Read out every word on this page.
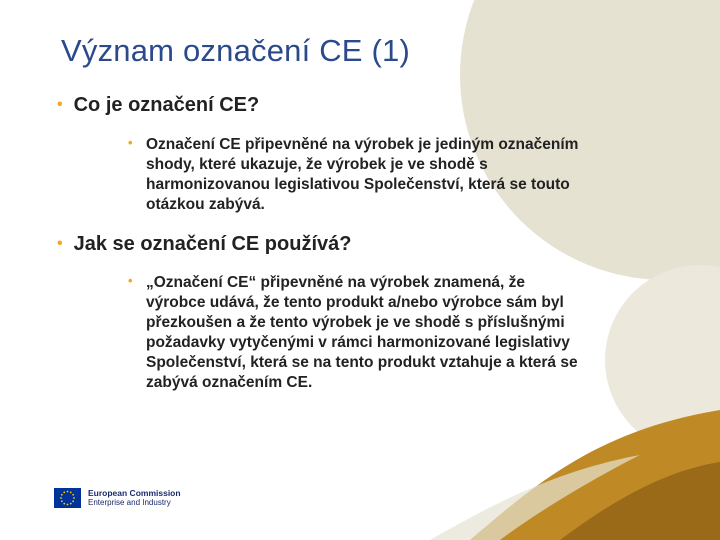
Význam označení CE (1)
• Co je označení CE?
• Označení CE připevněné na výrobek je jediným označením
shody, které ukazuje, že výrobek je ve shodě s
harmonizovanou legislativou Společenství, která se touto
otázkou zabývá.
• Jak se označení CE používá?
• „Označení CE“ připevněné na výrobek znamená, že
výrobce udává, že tento produkt a/nebo výrobce sám byl
přezkoušen a že tento výrobek je ve shodě s příslušnými
požadavky vytyčenými v rámci harmonizované legislativy
Společenství, která se na tento produkt vztahuje a která se
zabývá označením CE.
European Commission
Enterprise and Industry
